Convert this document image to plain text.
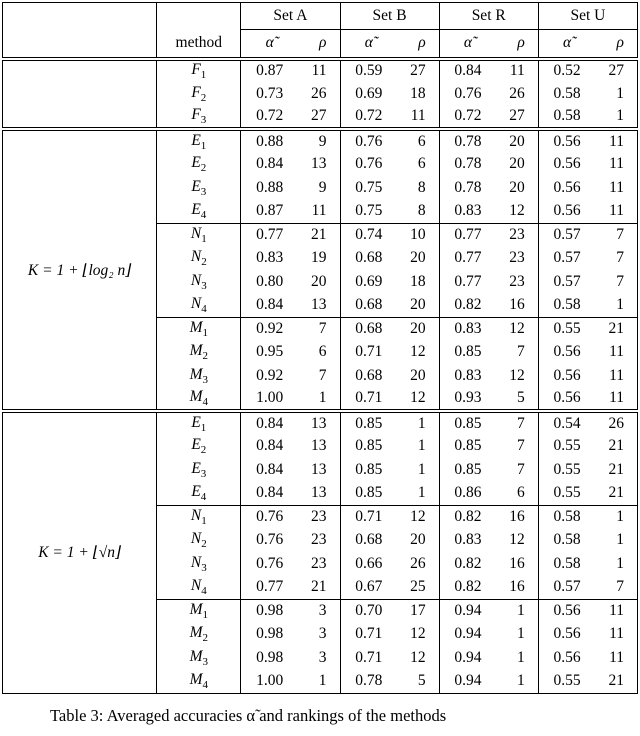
		Set A		Set B		Set R		Set U	
	method	α̃	ρ	α̃	ρ	α̃	ρ	α̃	ρ
	$F_1$	0.87	11	0.59	27	0.84	11	0.52	27
	$F_2$	0.73	26	0.69	18	0.76	26	0.58	1
	$F_3$	0.72	27	0.72	11	0.72	27	0.58	1
K = 1 + ⌊log₂ n⌋	$E_1$	0.88	9	0.76	6	0.78	20	0.56	11
	$E_2$	0.84	13	0.76	6	0.78	20	0.56	11
	$E_3$	0.88	9	0.75	8	0.78	20	0.56	11
	$E_4$	0.87	11	0.75	8	0.83	12	0.56	11
	$N_1$	0.77	21	0.74	10	0.77	23	0.57	7
	$N_2$	0.83	19	0.68	20	0.77	23	0.57	7
	$N_3$	0.80	20	0.69	18	0.77	23	0.57	7
	$N_4$	0.84	13	0.68	20	0.82	16	0.58	1
	$M_1$	0.92	7	0.68	20	0.83	12	0.55	21
	$M_2$	0.95	6	0.71	12	0.85	7	0.56	11
	$M_3$	0.92	7	0.68	20	0.83	12	0.56	11
	$M_4$	1.00	1	0.71	12	0.93	5	0.56	11
K = 1 + ⌊√n⌋	$E_1$	0.84	13	0.85	1	0.85	7	0.54	26
	$E_2$	0.84	13	0.85	1	0.85	7	0.55	21
	$E_3$	0.84	13	0.85	1	0.85	7	0.55	21
	$E_4$	0.84	13	0.85	1	0.86	6	0.55	21
	$N_1$	0.76	23	0.71	12	0.82	16	0.58	1
	$N_2$	0.76	23	0.68	20	0.83	12	0.58	1
	$N_3$	0.76	23	0.66	26	0.82	16	0.58	1
	$N_4$	0.77	21	0.67	25	0.82	16	0.57	7
	$M_1$	0.98	3	0.70	17	0.94	1	0.56	11
	$M_2$	0.98	3	0.71	12	0.94	1	0.56	11
	$M_3$	0.98	3	0.71	12	0.94	1	0.56	11
	$M_4$	1.00	1	0.78	5	0.94	1	0.55	21
Table 3: Averaged accuracies α̃ and rankings of the methods
